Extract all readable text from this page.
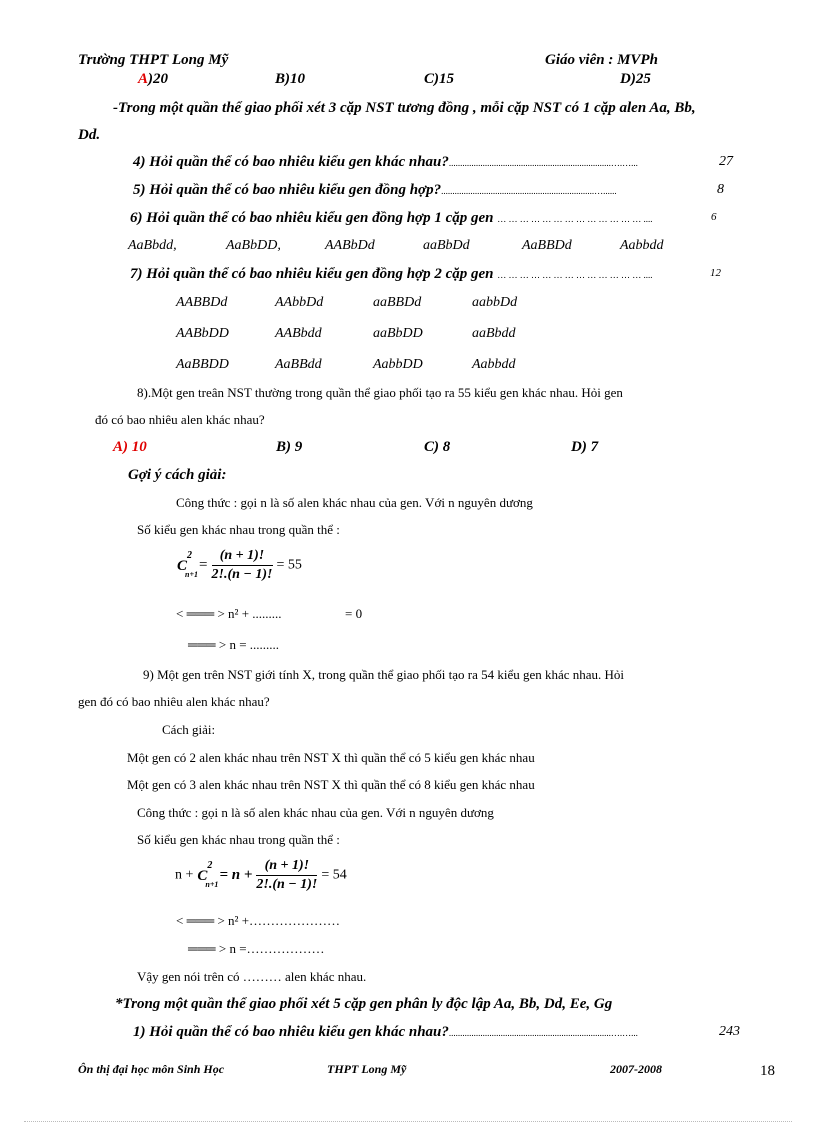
Trường THPT Long Mỹ	Giáo viên : MVPh
A)20	B)10	C)15	D)25
-Trong một quần thể giao phối xét 3 cặp NST tương đồng , mỗi cặp NST có 1 cặp alen Aa, Bb,
Dd.
4) Hỏi quần thể có bao nhiêu kiểu gen khác nhau?........................................................................….…...	27
5) Hỏi quần thể có bao nhiêu kiểu gen đồng hợp?....................................................................…......	8
6) Hỏi quần thể có bao nhiêu kiểu gen đồng hợp 1 cặp gen … … … … … … … … … … … … … ....	6
AaBbdd,	AaBbDD,	AABbDd	aaBbDd	AaBBDd	Aabbdd
7) Hỏi quần thể có bao nhiêu kiểu gen đồng hợp 2 cặp gen … … … … … … … … … … … … … ....	12
AABBDd	AAbbDd	aaBBDd	aabbDd
AABbDD	AABbdd	aaBbDD	aaBbdd
AaBBDD	AaBBdd	AabbDD	Aabbdd
8).Một gen treân NST thường trong quần thể giao phối tạo ra 55 kiểu gen khác nhau. Hỏi gen
đó có bao nhiêu alen khác nhau?
A) 10	B) 9	C) 8	D) 7
Gợi ý cách giải:
Công thức : gọi n là số alen khác nhau của gen. Với n nguyên dương
Số kiểu gen khác nhau trong quần thể :
$C^2_{n+1} = \frac{(n + 1)!}{2!.(n - 1)!} = 55$
< ═══ > n² + .........	= 0
═══ > n = .........
9) Một gen trên NST giới tính X, trong quần thể giao phối tạo ra 54 kiểu gen khác nhau. Hỏi
gen đó có bao nhiêu alen khác nhau?
Cách giải:
Một gen có 2 alen khác nhau trên NST X thì quần thể có 5 kiểu gen khác nhau
Một gen có 3 alen khác nhau trên NST X thì quần thể có 8 kiểu gen khác nhau
Công thức : gọi n là số alen khác nhau của gen. Với n nguyên dương
Số kiểu gen khác nhau trong quần thể :
$n + C^2_{n+1} = n + \frac{(n + 1)!}{2!.(n - 1)!} = 54$
< ═══ > n² +…………………
═══ > n =………………
Vậy gen nói trên có ……… alen khác nhau.
*Trong một quần thể giao phối xét 5 cặp gen phân ly độc lập Aa, Bb, Dd, Ee, Gg
1) Hỏi quần thể có bao nhiêu kiểu gen khác nhau?........................................................................….…...	243
Ôn thị đại học môn Sinh Học	THPT Long Mỹ	2007-2008	18
